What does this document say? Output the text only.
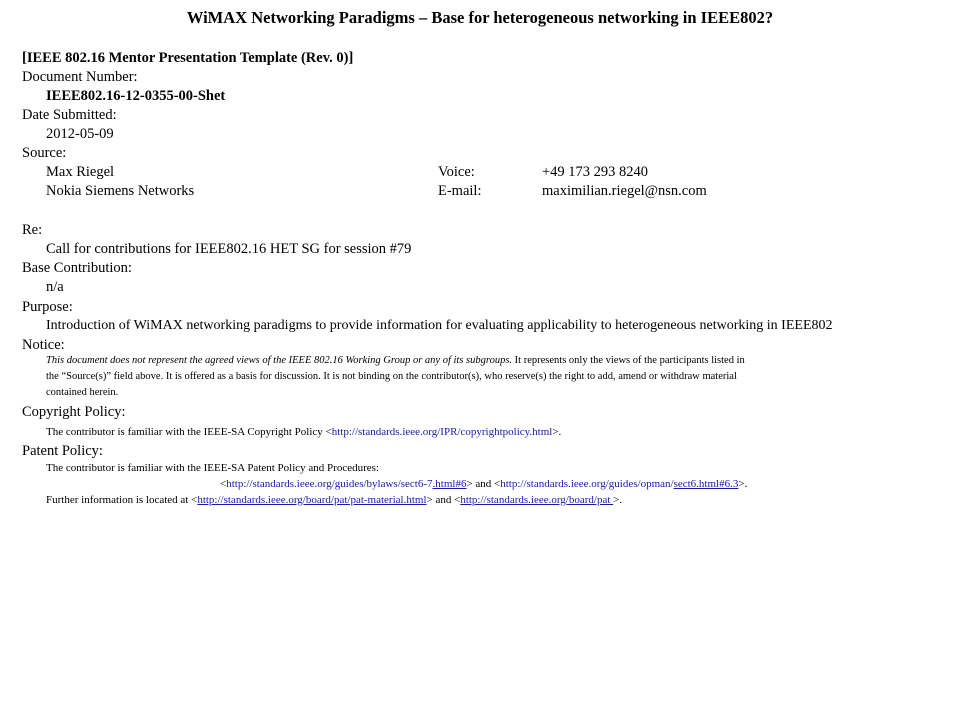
WiMAX Networking Paradigms – Base for heterogeneous networking in IEEE802?
[IEEE 802.16 Mentor Presentation Template (Rev. 0)]
Document Number:
IEEE802.16-12-0355-00-Shet
Date Submitted:
2012-05-09
Source:
Max Riegel	Voice:	+49 173 293 8240
Nokia Siemens Networks	E-mail:	maximilian.riegel@nsn.com
Re:
Call for contributions for IEEE802.16 HET SG for session #79
Base Contribution:
n/a
Purpose:
Introduction of WiMAX networking paradigms to provide information for evaluating applicability to heterogeneous networking in IEEE802
Notice:
This document does not represent the agreed views of the IEEE 802.16 Working Group or any of its subgroups. It represents only the views of the participants listed in
the “Source(s)” field above. It is offered as a basis for discussion. It is not binding on the contributor(s), who reserve(s) the right to add, amend or withdraw material
contained herein.
Copyright Policy:
The contributor is familiar with the IEEE-SA Copyright Policy <http://standards.ieee.org/IPR/copyrightpolicy.html>.
Patent Policy:
The contributor is familiar with the IEEE-SA Patent Policy and Procedures:
<http://standards.ieee.org/guides/bylaws/sect6-7.html#6> and <http://standards.ieee.org/guides/opman/sect6.html#6.3>.
Further information is located at <http://standards.ieee.org/board/pat/pat-material.html> and <http://standards.ieee.org/board/pat >.
